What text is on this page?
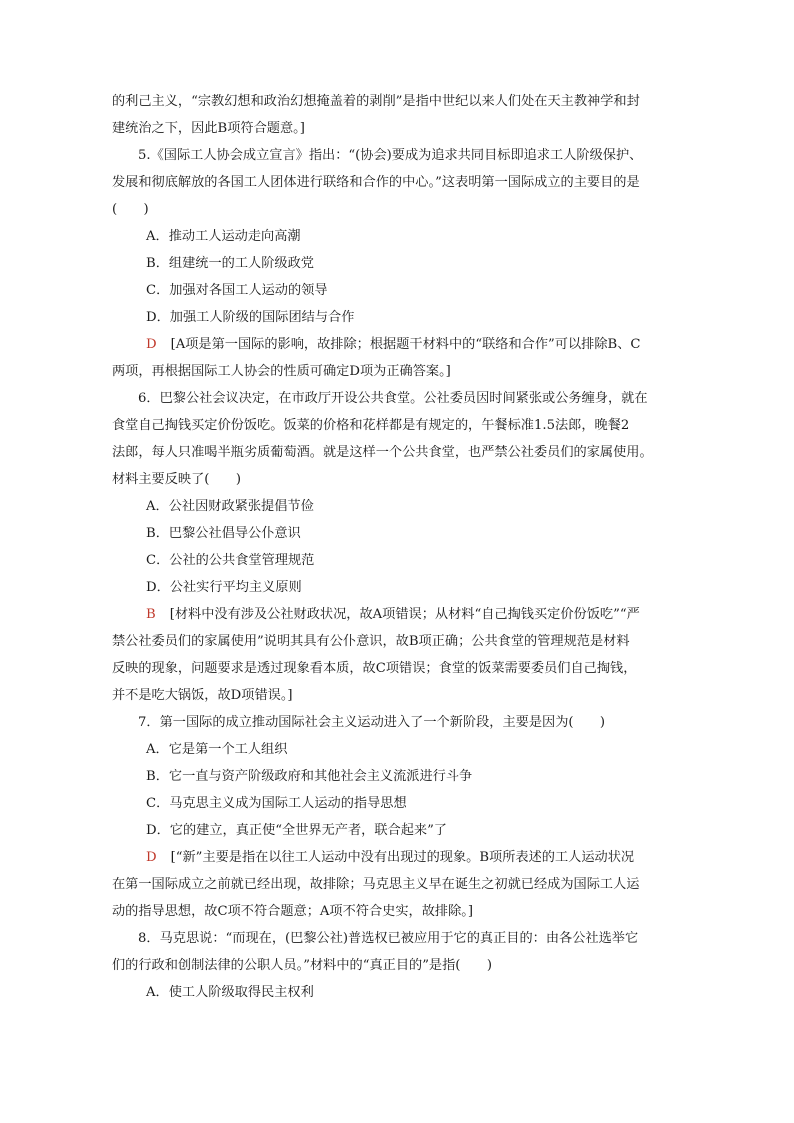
的利己主义，“宗教幻想和政治幻想掩盖着的剥削”是指中世纪以来人们处在天主教神学和封
建统治之下，因此B项符合题意。]
5.《国际工人协会成立宣言》指出：“(协会)要成为追求共同目标即追求工人阶级保护、
发展和彻底解放的各国工人团体进行联络和合作的中心。”这表明第一国际成立的主要目的是
(　　)
A．推动工人运动走向高潮
B．组建统一的工人阶级政党
C．加强对各国工人运动的领导
D．加强工人阶级的国际团结与合作
D [A项是第一国际的影响，故排除；根据题干材料中的“联络和合作”可以排除B、C
两项，再根据国际工人协会的性质可确定D项为正确答案。]
6．巴黎公社会议决定，在市政厅开设公共食堂。公社委员因时间紧张或公务缠身，就在
食堂自己掏钱买定价份饭吃。饭菜的价格和花样都是有规定的，午餐标准1.5法郎，晚餐2
法郎，每人只准喝半瓶劣质葡萄酒。就是这样一个公共食堂，也严禁公社委员们的家属使用。
材料主要反映了(　　)
A．公社因财政紧张提倡节俭
B．巴黎公社倡导公仆意识
C．公社的公共食堂管理规范
D．公社实行平均主义原则
B [材料中没有涉及公社财政状况，故A项错误；从材料“自己掏钱买定价份饭吃”“严
禁公社委员们的家属使用”说明其具有公仆意识，故B项正确；公共食堂的管理规范是材料
反映的现象，问题要求是透过现象看本质，故C项错误；食堂的饭菜需要委员们自己掏钱，
并不是吃大锅饭，故D项错误。]
7．第一国际的成立推动国际社会主义运动进入了一个新阶段，主要是因为(　　)
A．它是第一个工人组织
B．它一直与资产阶级政府和其他社会主义流派进行斗争
C．马克思主义成为国际工人运动的指导思想
D．它的建立，真正使“全世界无产者，联合起来”了
D [“新”主要是指在以往工人运动中没有出现过的现象。B项所表述的工人运动状况
在第一国际成立之前就已经出现，故排除；马克思主义早在诞生之初就已经成为国际工人运
动的指导思想，故C项不符合题意；A项不符合史实，故排除。]
8．马克思说：“而现在，(巴黎公社)普选权已被应用于它的真正目的：由各公社选举它
们的行政和创制法律的公职人员。”材料中的“真正目的”是指(　　)
A．使工人阶级取得民主权利
